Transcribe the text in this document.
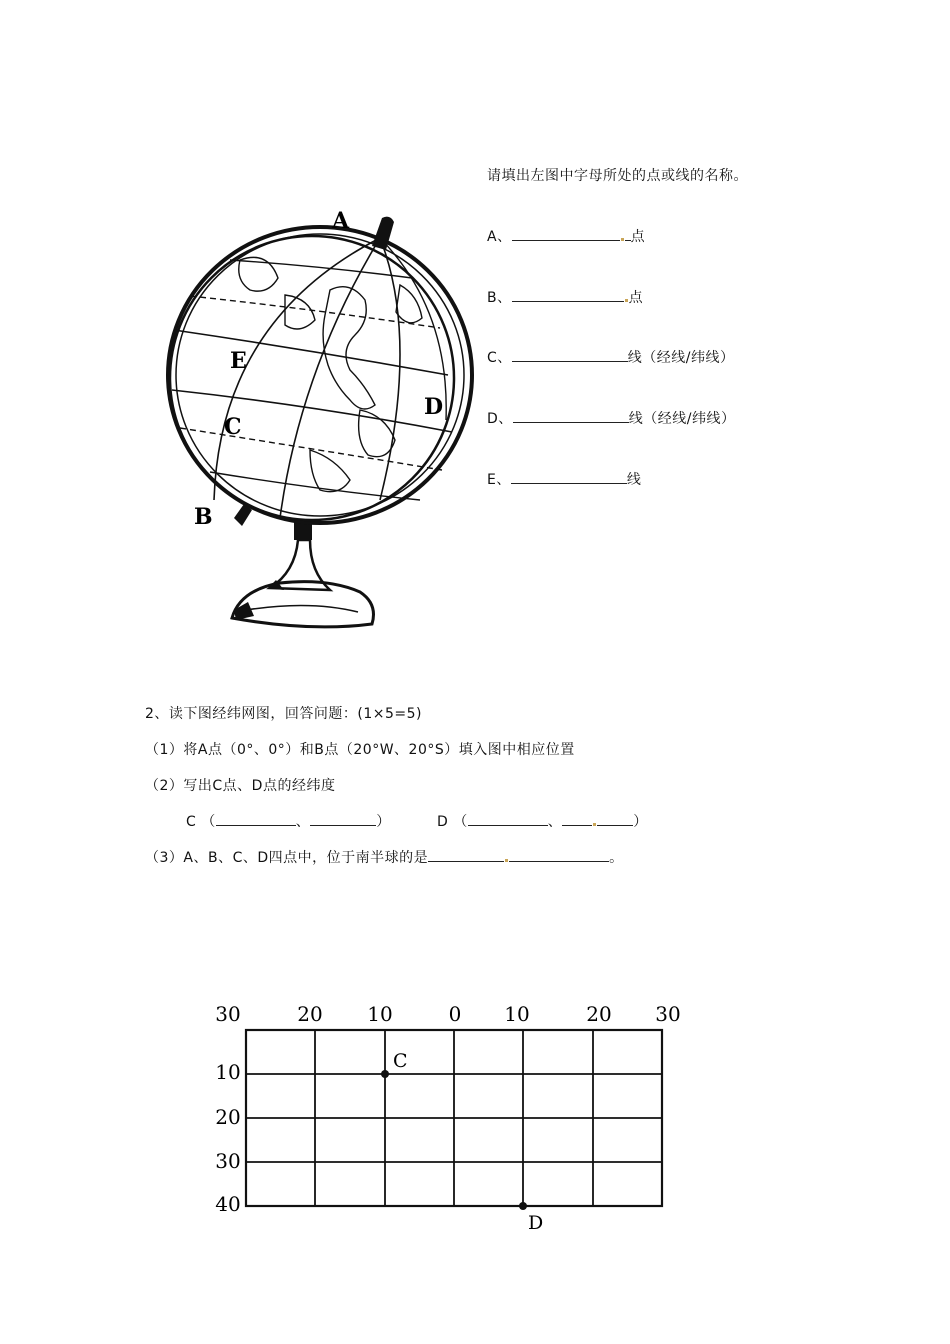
A
B
C
D
E
请填出左图中字母所处的点或线的名称。
A、	点
B、	点
C、	线（经线/纬线）
D、	线（经线/纬线）
E、	线
2、读下图经纬网图，回答问题：(1×5=5)
（1）将A点（0°、0°）和B点（20°W、20°S）填入图中相应位置
（2）写出C点、D点的经纬度
C （	、	）	D （	、	）
（3）A、B、C、D四点中，位于南半球的是	。
30	20 10	0 10	20 30
10
20
30
40
C
D
